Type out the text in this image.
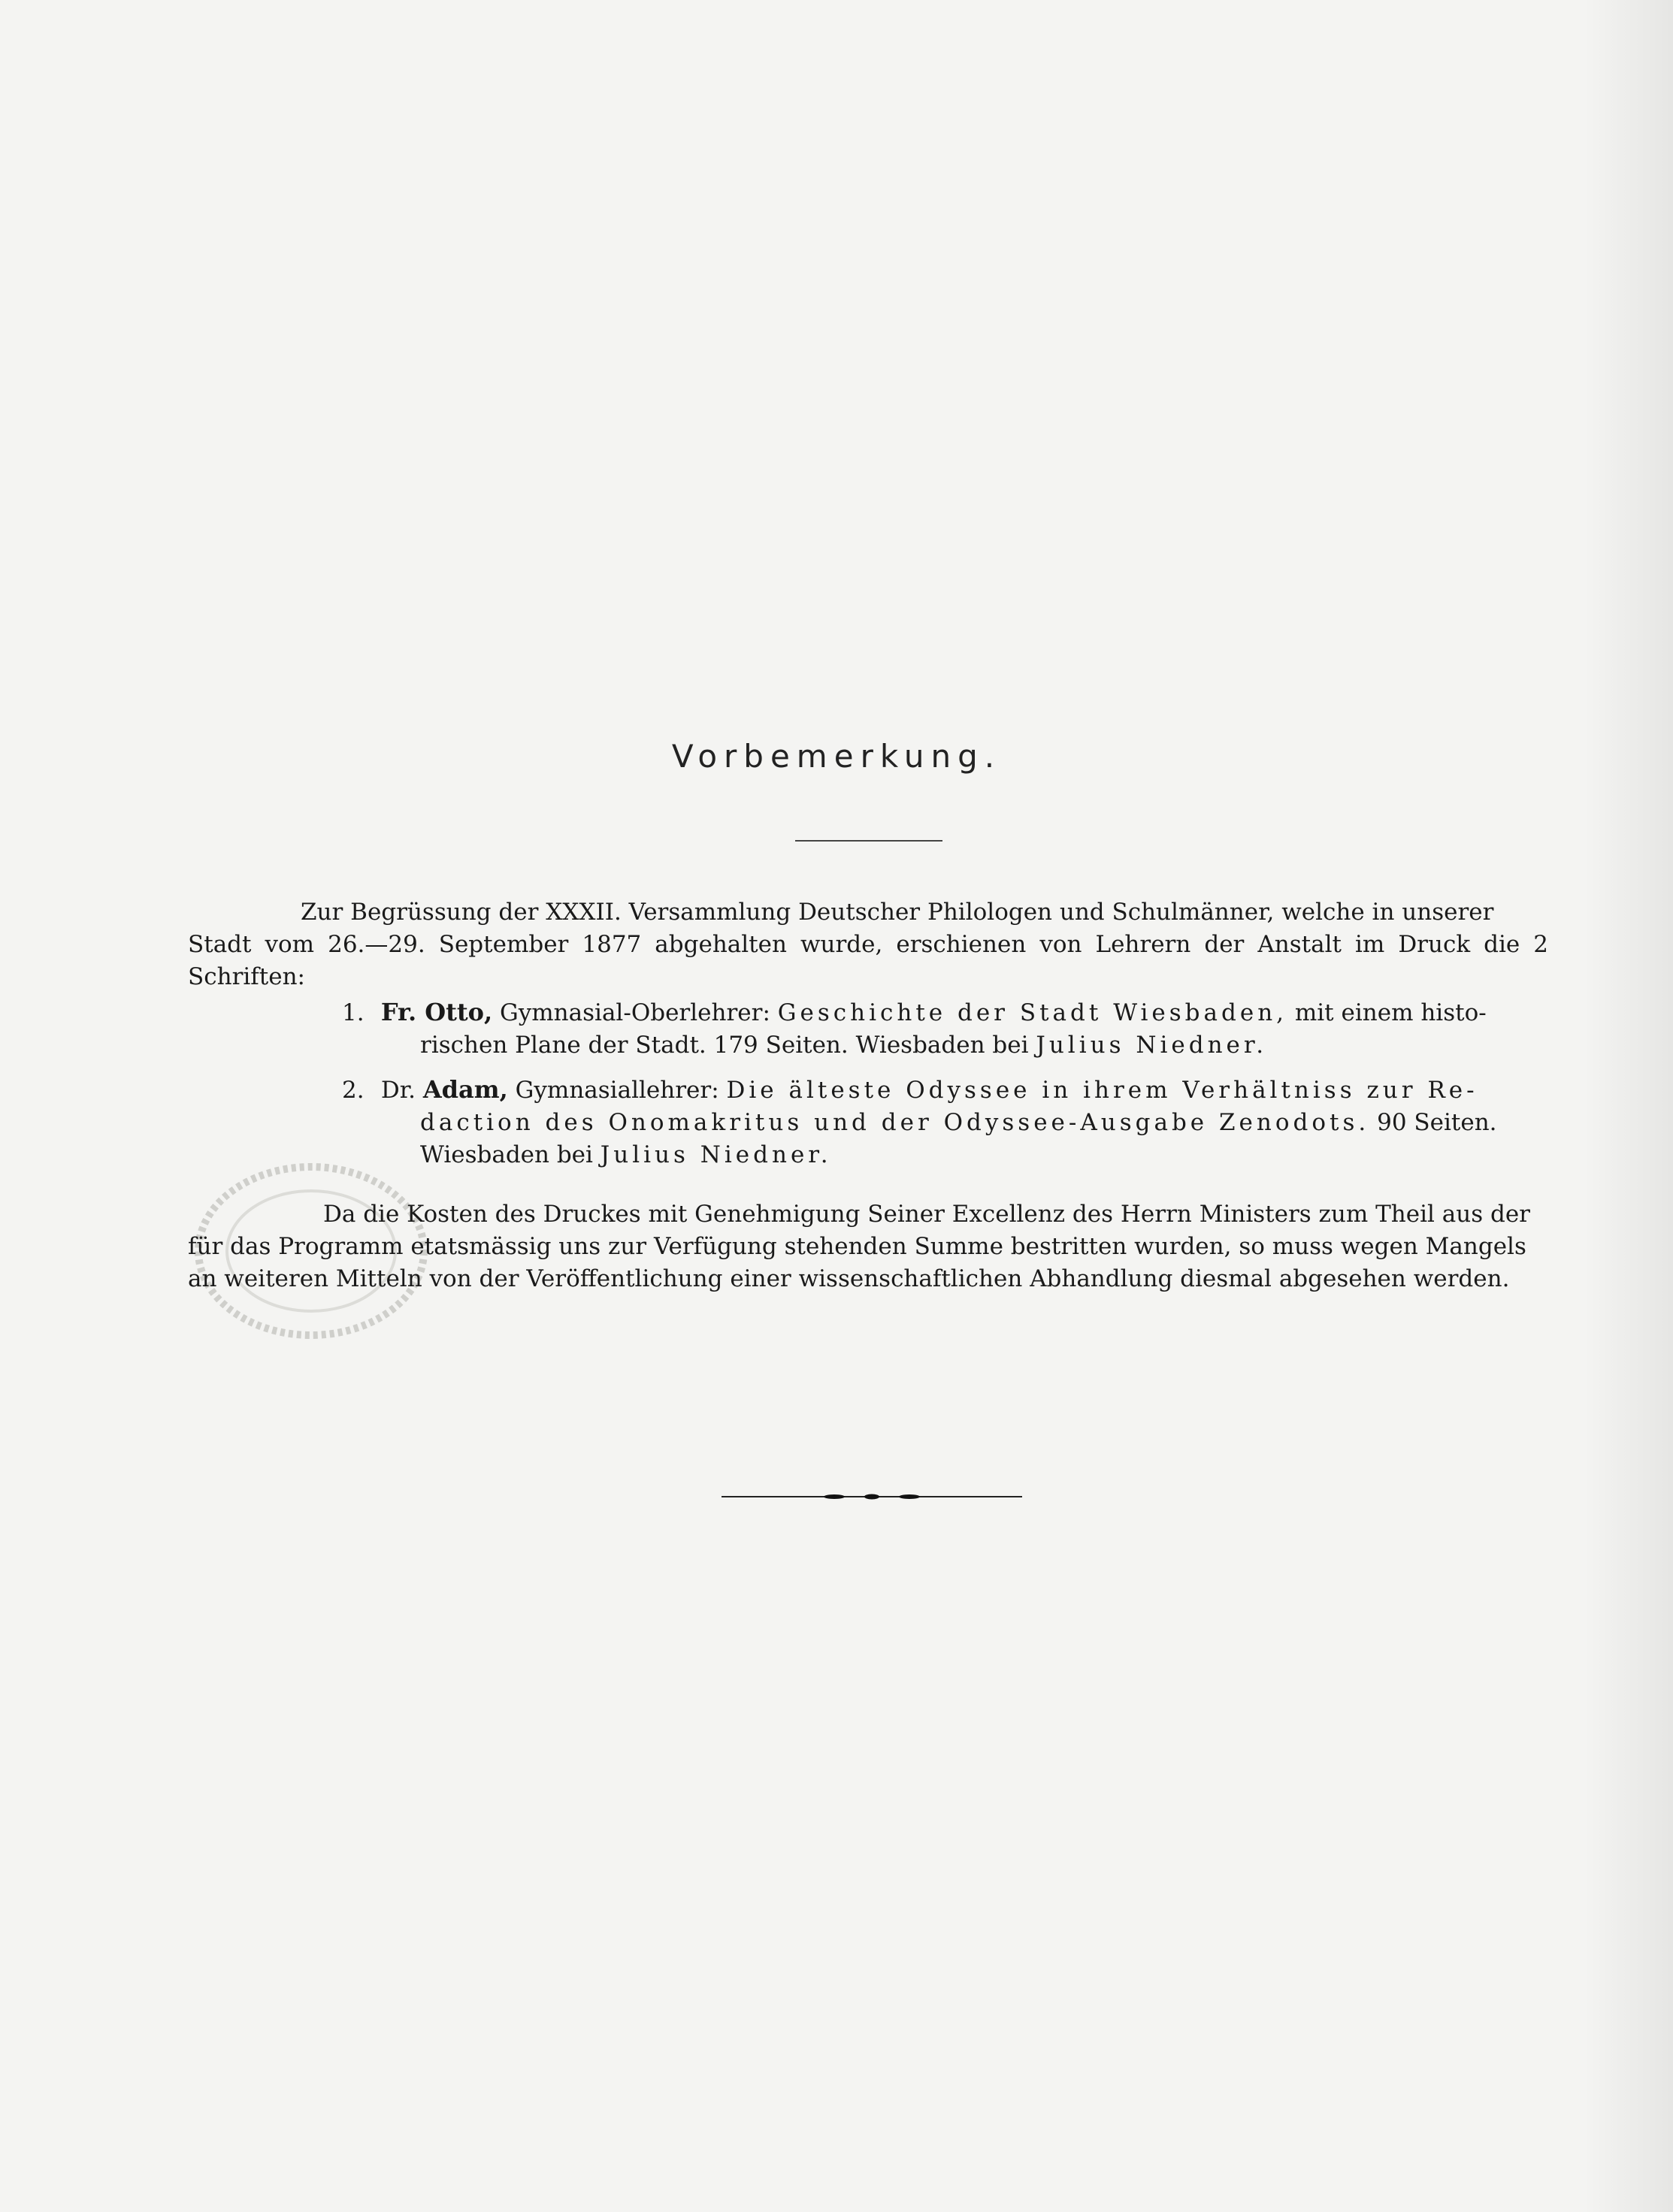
Vorbemerkung.
Zur Begrüssung der XXXII. Versammlung Deutscher Philologen und Schulmänner, welche in unserer
Stadt vom 26.—29. September 1877 abgehalten wurde, erschienen von Lehrern der Anstalt im Druck die 2 Schriften:
1. Fr. Otto, Gymnasial-Oberlehrer: Geschichte der Stadt Wiesbaden, mit einem histo-
rischen Plane der Stadt. 179 Seiten. Wiesbaden bei Julius Niedner.
2. Dr. Adam, Gymnasiallehrer: Die älteste Odyssee in ihrem Verhältniss zur Re-
daction des Onomakritus und der Odyssee-Ausgabe Zenodots. 90 Seiten.
Wiesbaden bei Julius Niedner.
Da die Kosten des Druckes mit Genehmigung Seiner Excellenz des Herrn Ministers zum Theil aus der
für das Programm etatsmässig uns zur Verfügung stehenden Summe bestritten wurden, so muss wegen Mangels
an weiteren Mitteln von der Veröffentlichung einer wissenschaftlichen Abhandlung diesmal abgesehen werden.
